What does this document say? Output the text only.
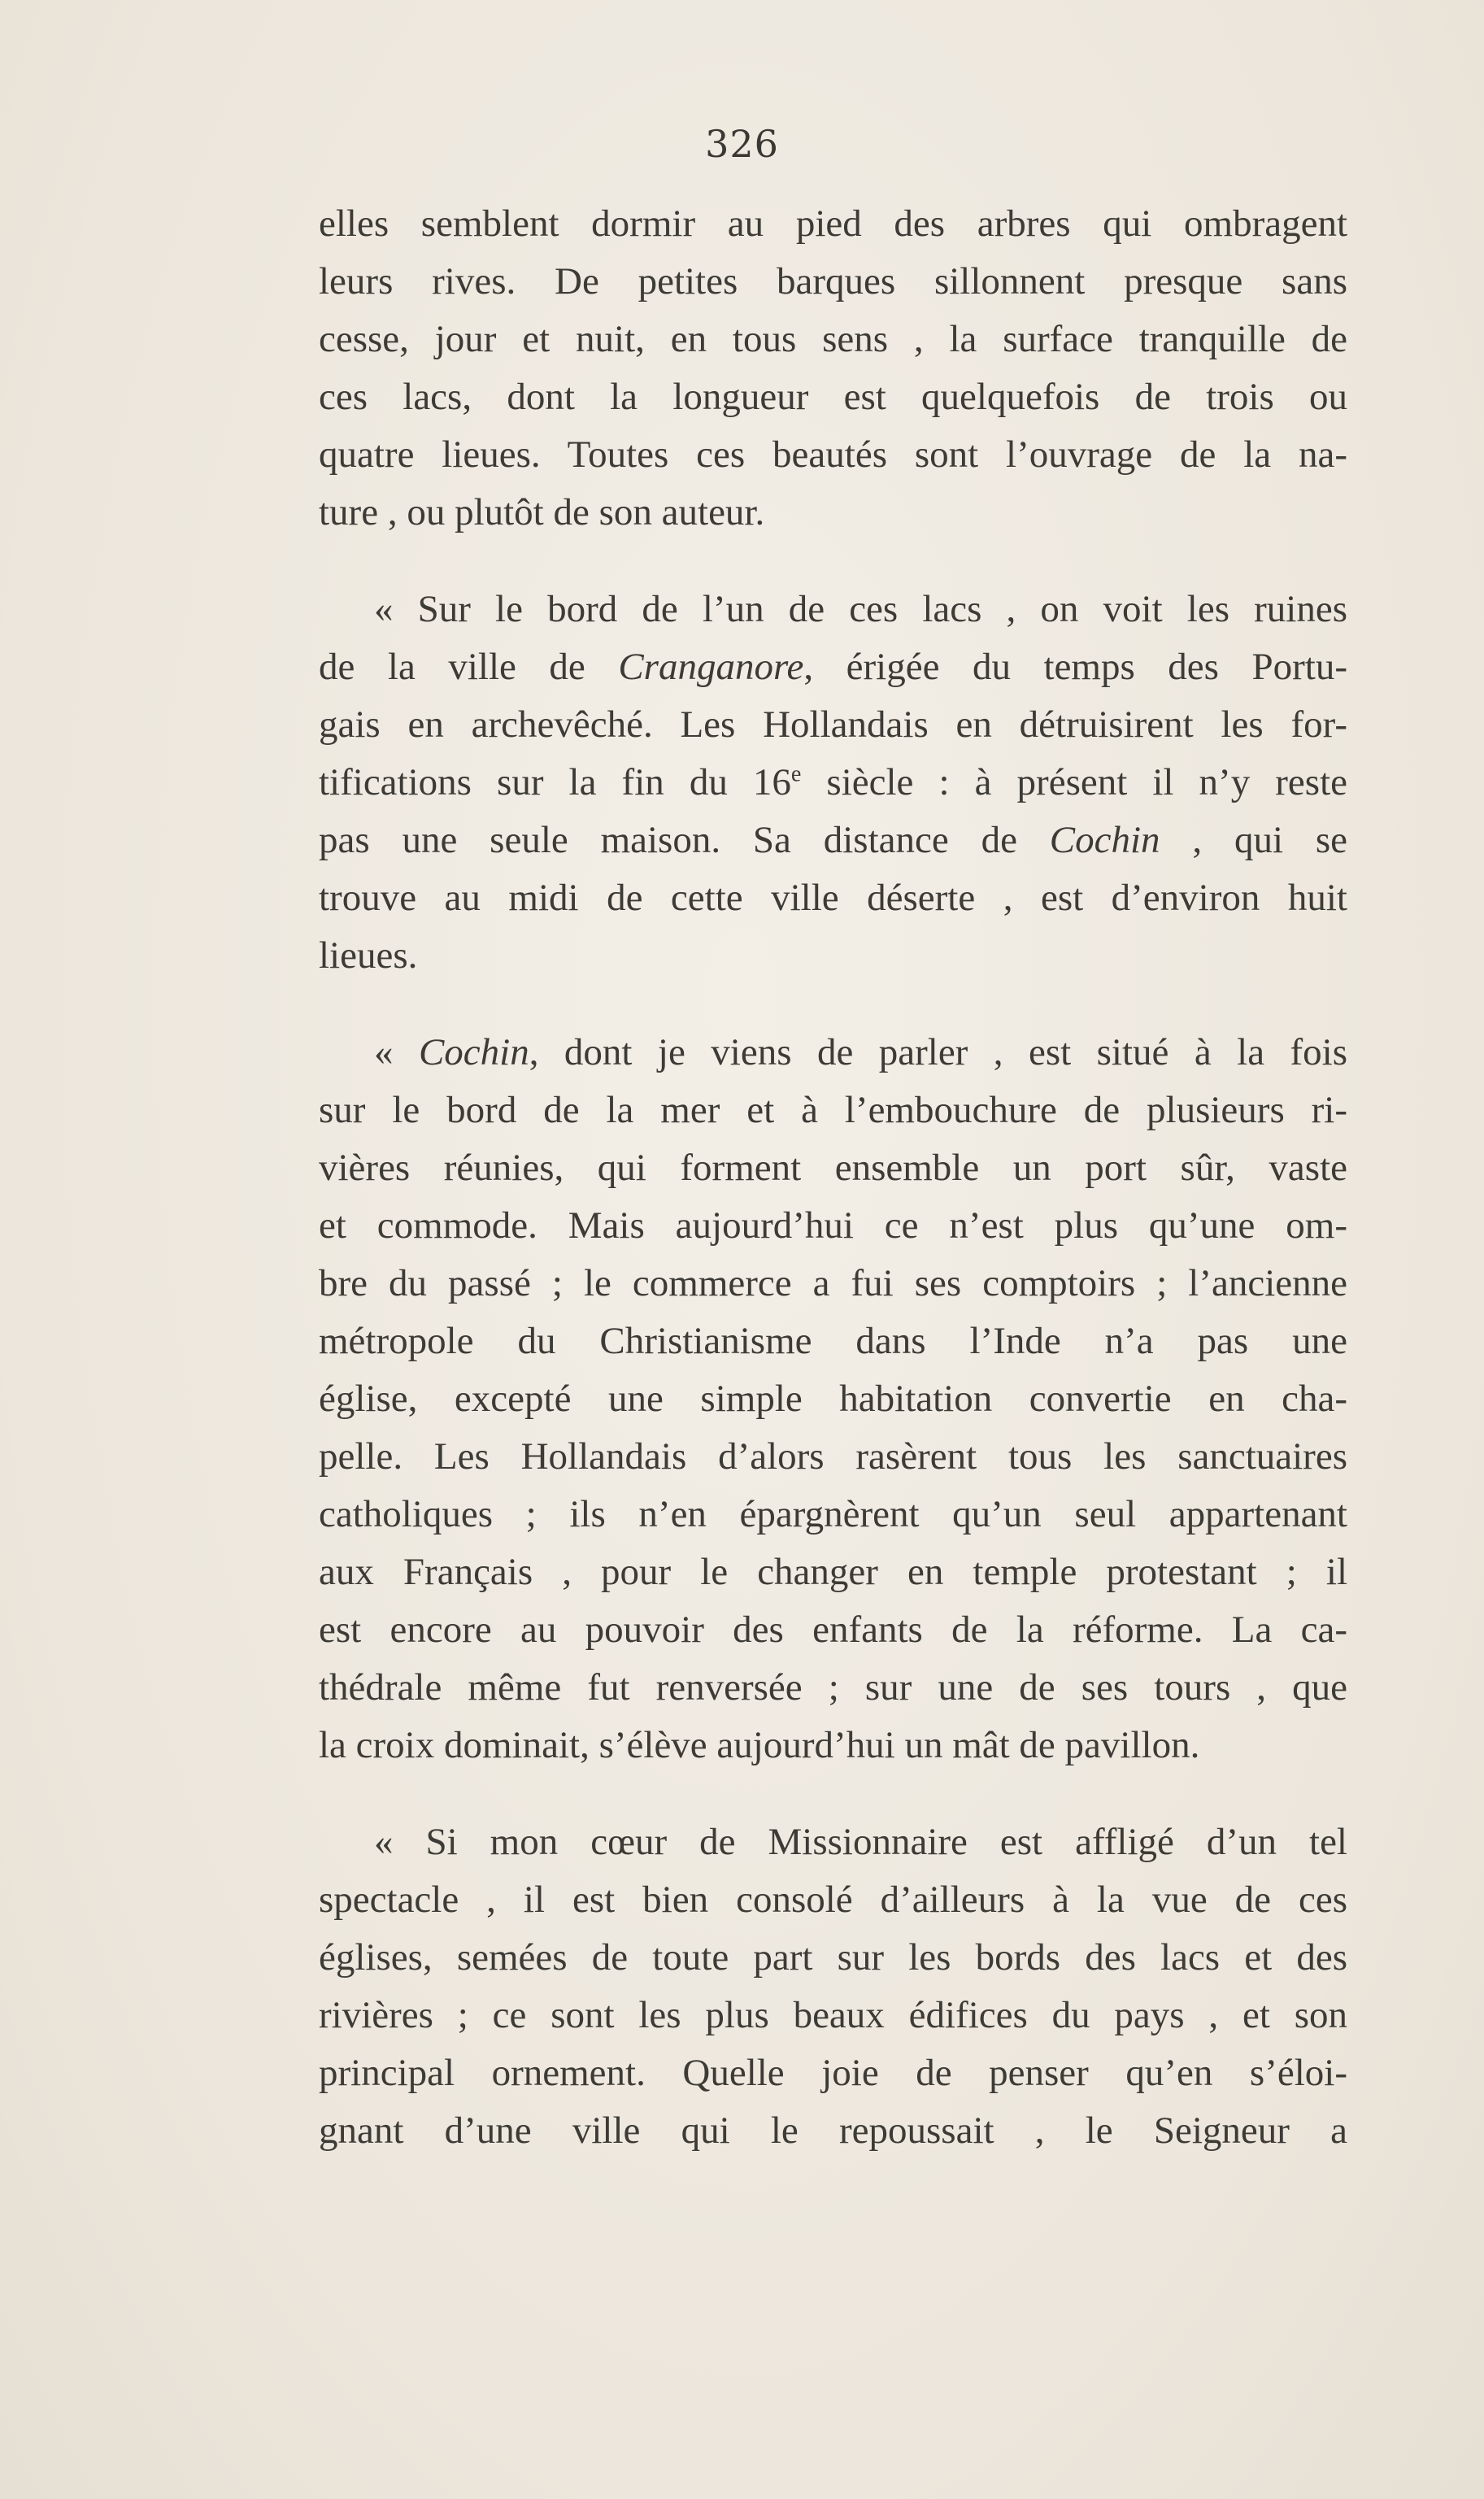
326

elles semblent dormir au pied des arbres qui ombragent
leurs rives. De petites barques sillonnent presque sans
cesse, jour et nuit, en tous sens , la surface tranquille de
ces lacs, dont la longueur est quelquefois de trois ou
quatre lieues. Toutes ces beautés sont l’ouvrage de la na-
ture , ou plutôt de son auteur.

« Sur le bord de l’un de ces lacs , on voit les ruines
de la ville de Cranganore, érigée du temps des Portu-
gais en archevêché. Les Hollandais en détruisirent les for-
tifications sur la fin du 16e siècle : à présent il n’y reste
pas une seule maison. Sa distance de Cochin , qui se
trouve au midi de cette ville déserte , est d’environ huit
lieues.

« Cochin, dont je viens de parler , est situé à la fois
sur le bord de la mer et à l’embouchure de plusieurs ri-
vières réunies, qui forment ensemble un port sûr, vaste
et commode. Mais aujourd’hui ce n’est plus qu’une om-
bre du passé ; le commerce a fui ses comptoirs ; l’ancienne
métropole du Christianisme dans l’Inde n’a pas une
église, excepté une simple habitation convertie en cha-
pelle. Les Hollandais d’alors rasèrent tous les sanctuaires
catholiques ; ils n’en épargnèrent qu’un seul appartenant
aux Français , pour le changer en temple protestant ; il
est encore au pouvoir des enfants de la réforme. La ca-
thédrale même fut renversée ; sur une de ses tours , que
la croix dominait, s’élève aujourd’hui un mât de pavillon.

« Si mon cœur de Missionnaire est affligé d’un tel
spectacle , il est bien consolé d’ailleurs à la vue de ces
églises, semées de toute part sur les bords des lacs et des
rivières ; ce sont les plus beaux édifices du pays , et son
principal ornement. Quelle joie de penser qu’en s’éloi-
gnant d’une ville qui le repoussait , le Seigneur a
